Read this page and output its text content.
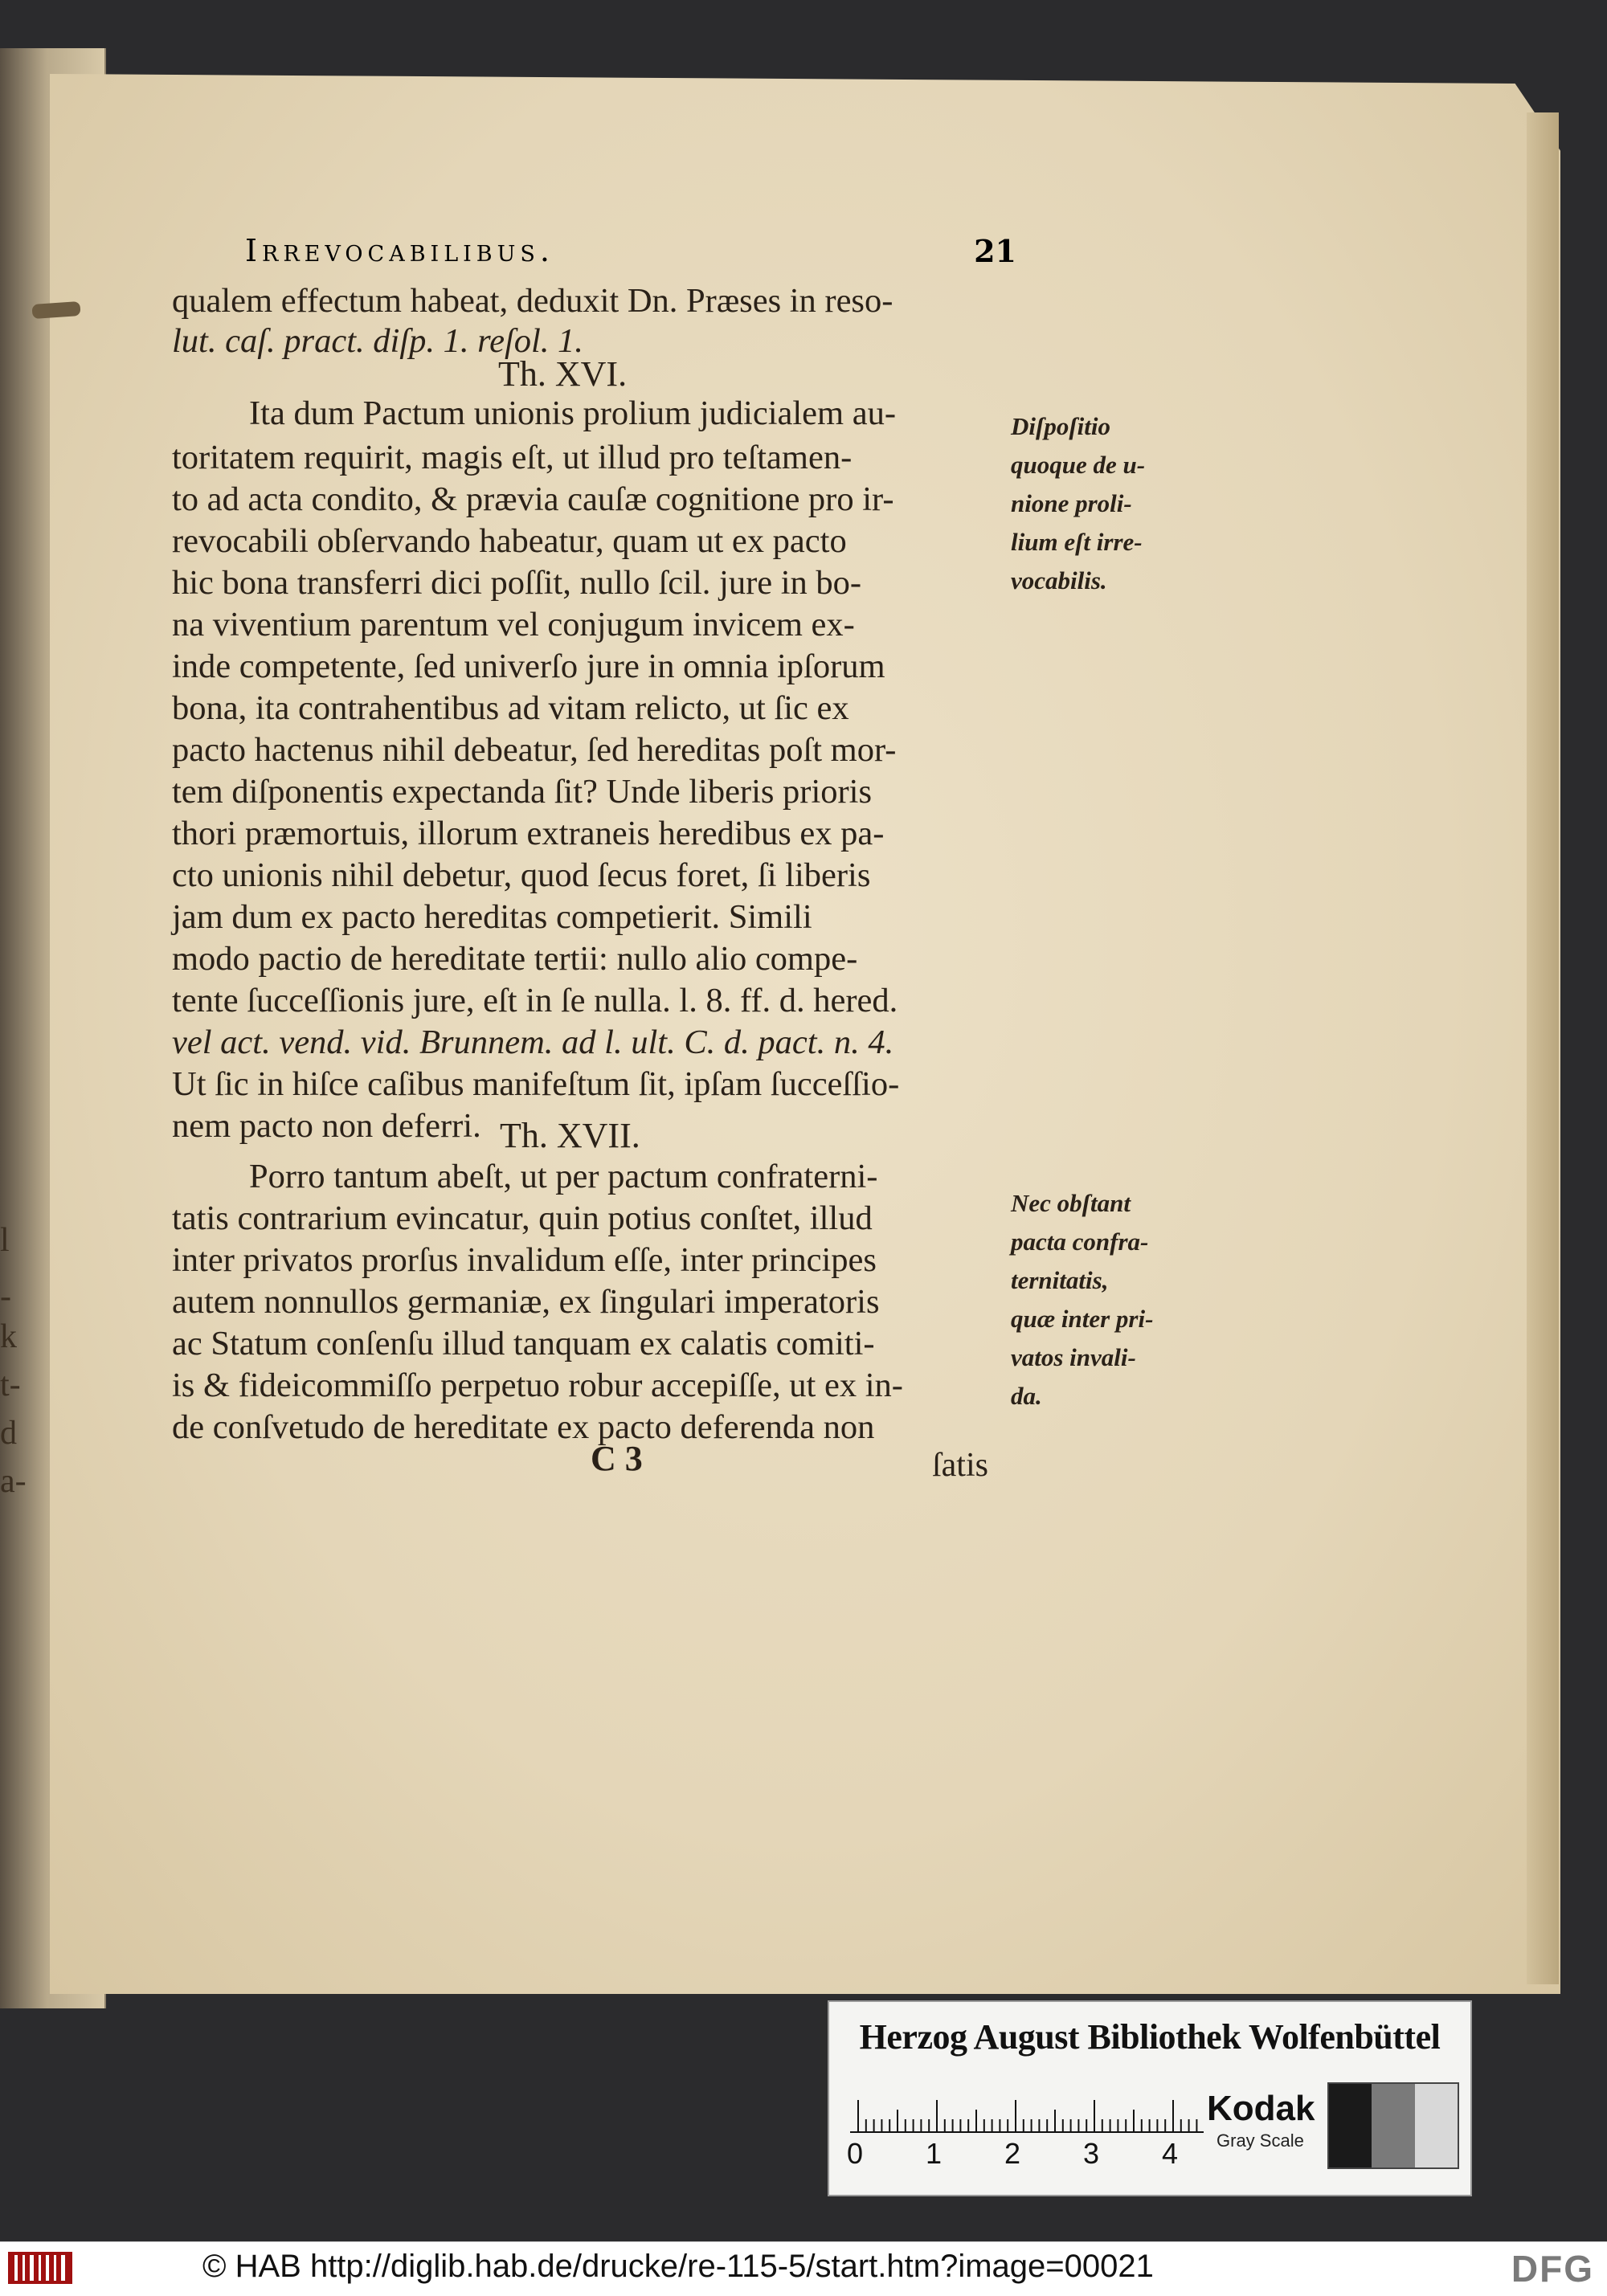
l
-
k
t-
d
a-
Irrevocabilibus.	21
qualem effectum habeat, deduxit Dn. Præses in reso-
lut. caſ. pract. diſp. 1. reſol. 1.
Ita dum Pactum unionis prolium judicialem au-
toritatem requirit, magis eſt, ut illud pro teſtamen-
to ad acta condito, & prævia cauſæ cognitione pro ir-
revocabili obſervando habeatur, quam ut ex pacto
hic bona transferri dici poſſit, nullo ſcil. jure in bo-
na viventium parentum vel conjugum invicem ex-
inde competente, ſed univerſo jure in omnia ipſorum
bona, ita contrahentibus ad vitam relicto, ut ſic ex
pacto hactenus nihil debeatur, ſed hereditas poſt mor-
tem diſponentis expectanda ſit? Unde liberis prioris
thori præmortuis, illorum extraneis heredibus ex pa-
cto unionis nihil debetur, quod ſecus foret, ſi liberis
jam dum ex pacto hereditas competierit. Simili
modo pactio de hereditate tertii: nullo alio compe-
tente ſucceſſionis jure, eſt in ſe nulla. l. 8. ff. d. hered.
vel act. vend. vid. Brunnem. ad l. ult. C. d. pact. n. 4.
Ut ſic in hiſce caſibus manifeſtum ſit, ipſam ſucceſſio-
nem pacto non deferri.
Porro tantum abeſt, ut per pactum confraterni-
tatis contrarium evincatur, quin potius conſtet, illud
inter privatos prorſus invalidum eſſe, inter principes
autem nonnullos germaniæ, ex ſingulari imperatoris
ac Statum conſenſu illud tanquam ex calatis comiti-
is & fideicommiſſo perpetuo robur accepiſſe, ut ex in-
de conſvetudo de hereditate ex pacto deferenda non
Th. XVI.
Th. XVII.
Diſpoſitio
quoque de u-
nione proli-
lium eſt irre-
vocabilis.
Nec obſtant
pacta confra-
ternitatis,
quæ inter pri-
vatos invali-
da.
C 3	ſatis
Herzog August Bibliothek Wolfenbüttel
0 1 2 3 4
Kodak
Gray Scale
© HAB http://diglib.hab.de/drucke/re-115-5/start.htm?image=00021	DFG
